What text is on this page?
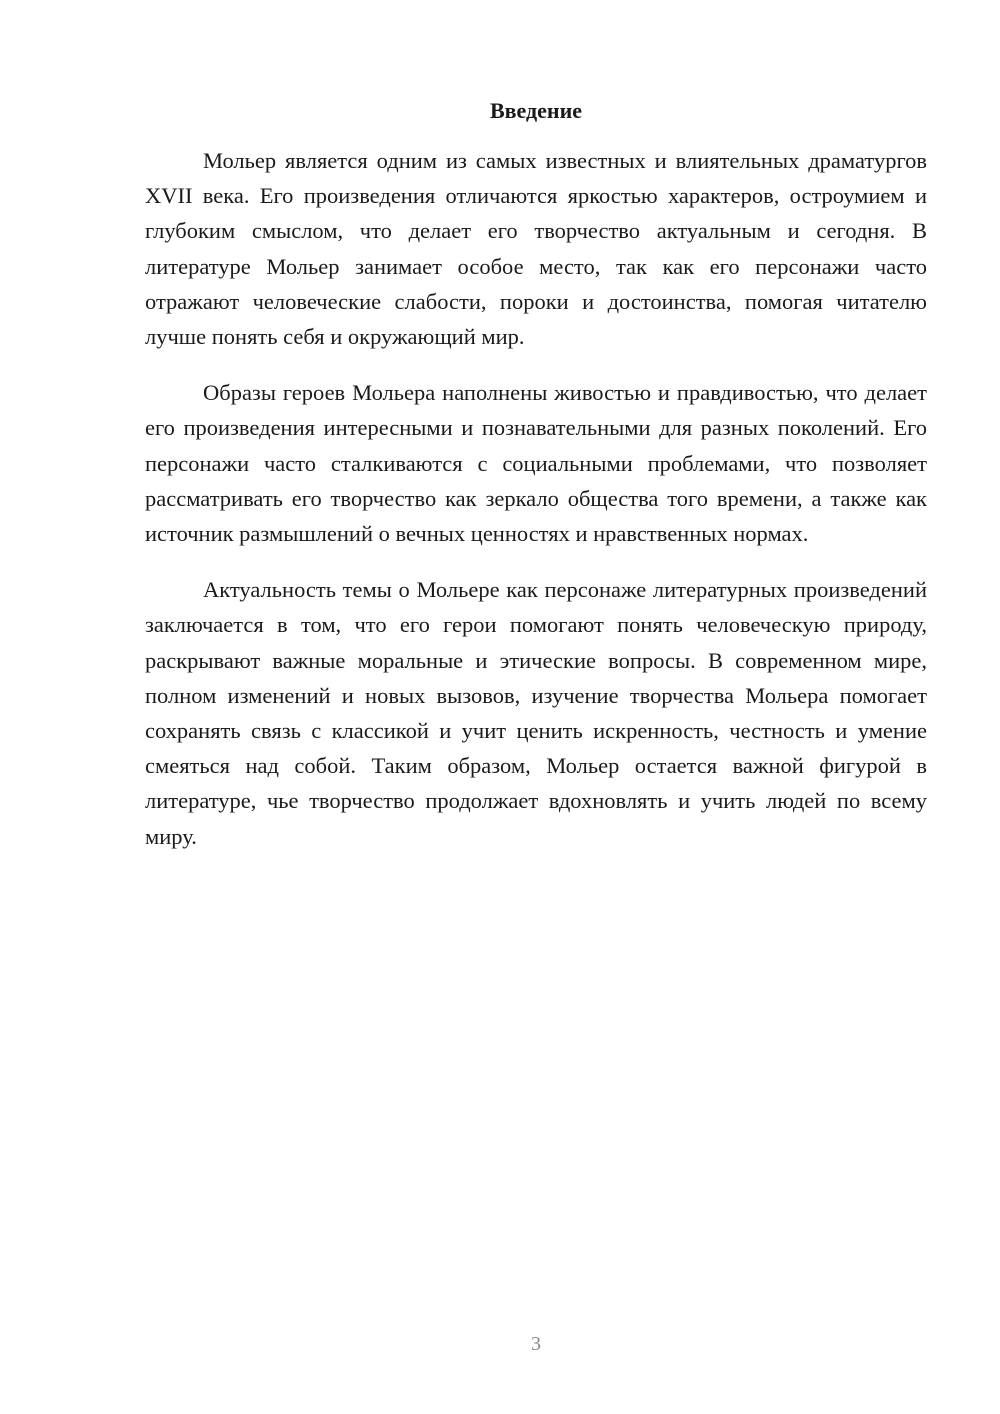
Введение

Мольер является одним из самых известных и влиятельных драматургов XVII века. Его произведения отличаются яркостью характеров, остроумием и глубоким смыслом, что делает его творчество актуальным и сегодня. В литературе Мольер занимает особое место, так как его персонажи часто отражают человеческие слабости, пороки и достоинства, помогая читателю лучше понять себя и окружающий мир.

Образы героев Мольера наполнены живостью и правдивостью, что делает его произведения интересными и познавательными для разных поколений. Его персонажи часто сталкиваются с социальными проблемами, что позволяет рассматривать его творчество как зеркало общества того времени, а также как источник размышлений о вечных ценностях и нравственных нормах.

Актуальность темы о Мольере как персонаже литературных произведений заключается в том, что его герои помогают понять человеческую природу, раскрывают важные моральные и этические вопросы. В современном мире, полном изменений и новых вызовов, изучение творчества Мольера помогает сохранять связь с классикой и учит ценить искренность, честность и умение смеяться над собой. Таким образом, Мольер остается важной фигурой в литературе, чье творчество продолжает вдохновлять и учить людей по всему миру.

3
